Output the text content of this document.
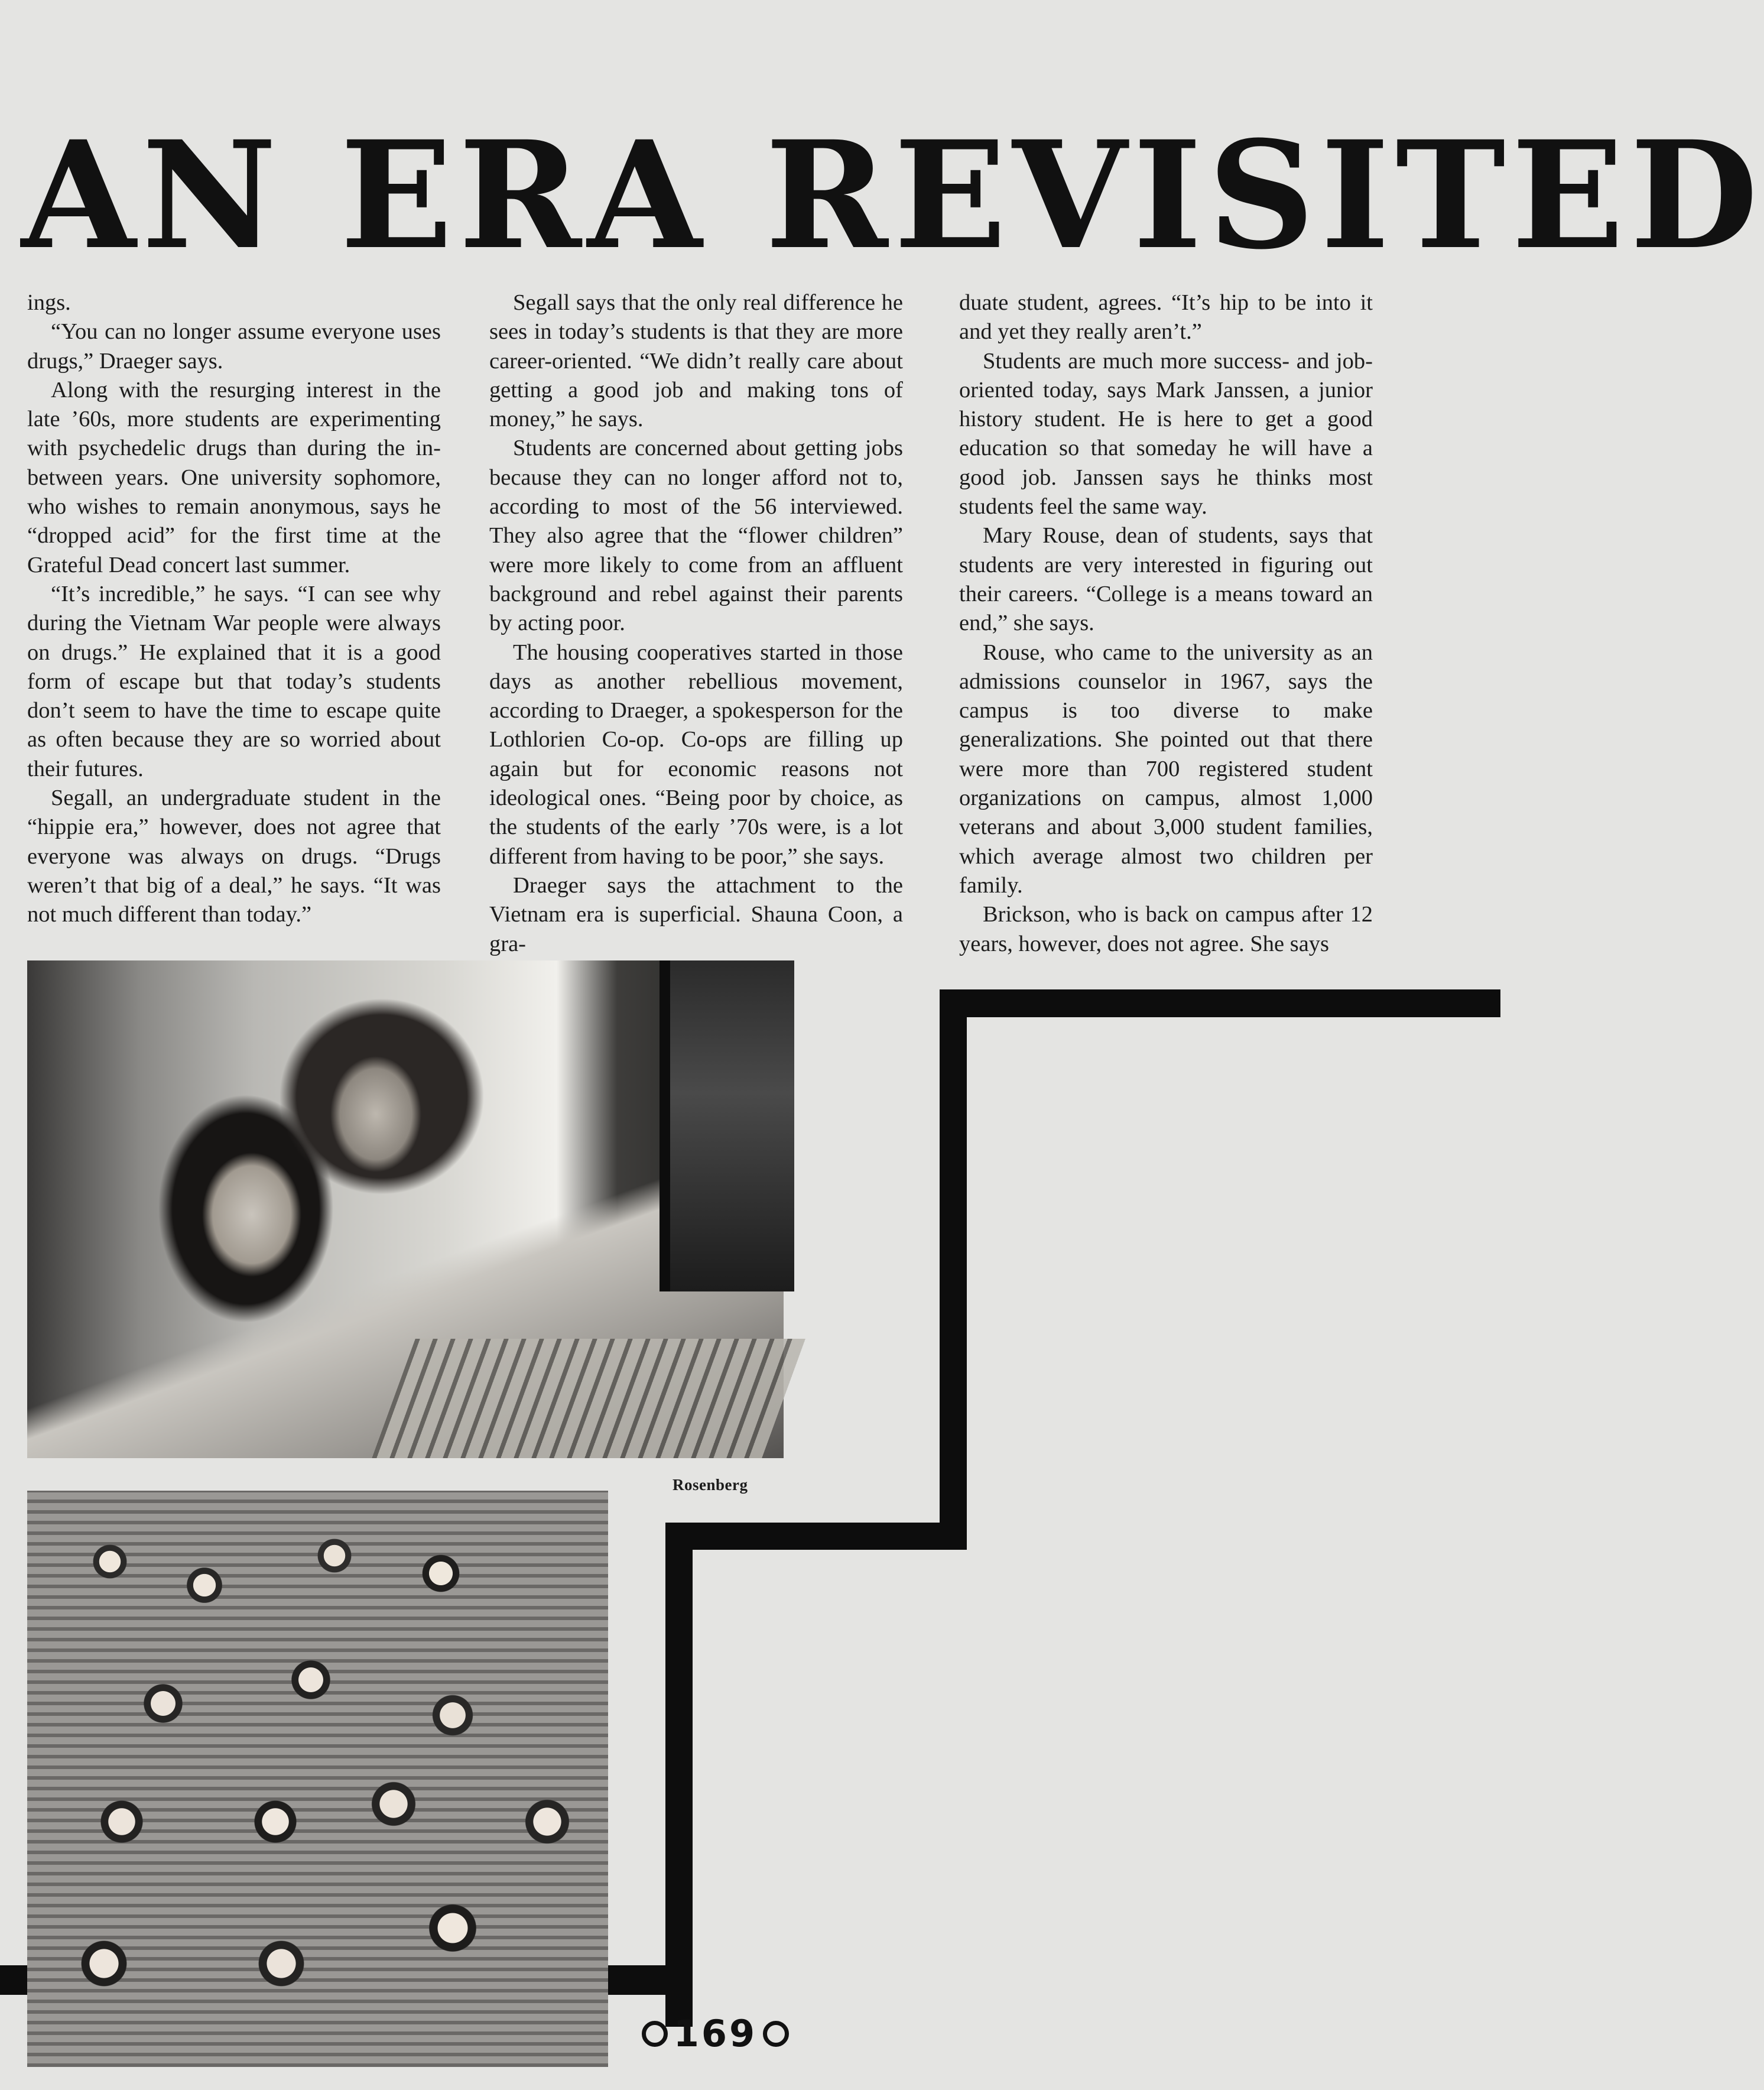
AN ERA REVISITED

ings.

“You can no longer assume everyone uses drugs,” Draeger says.

Along with the resurging interest in the late ’60s, more students are experimenting with psychedelic drugs than during the in-between years. One university sophomore, who wishes to remain anonymous, says he “dropped acid” for the first time at the Grateful Dead concert last summer.

“It’s incredible,” he says. “I can see why during the Vietnam War people were always on drugs.” He explained that it is a good form of escape but that today’s students don’t seem to have the time to escape quite as often because they are so worried about their futures.

Segall, an undergraduate student in the “hippie era,” however, does not agree that everyone was always on drugs. “Drugs weren’t that big of a deal,” he says. “It was not much different than today.”

Segall says that the only real difference he sees in today’s students is that they are more career-oriented. “We didn’t really care about getting a good job and making tons of money,” he says.

Students are concerned about getting jobs because they can no longer afford not to, according to most of the 56 interviewed. They also agree that the “flower children” were more likely to come from an affluent background and rebel against their parents by acting poor.

The housing cooperatives started in those days as another rebellious movement, according to Draeger, a spokesperson for the Lothlorien Co-op. Co-ops are filling up again but for economic reasons not ideological ones. “Being poor by choice, as the students of the early ’70s were, is a lot different from having to be poor,” she says.

Draeger says the attachment to the Vietnam era is superficial. Shauna Coon, a gra-

duate student, agrees. “It’s hip to be into it and yet they really aren’t.”

Students are much more success- and job-oriented today, says Mark Janssen, a junior history student. He is here to get a good education so that someday he will have a good job. Janssen says he thinks most students feel the same way.

Mary Rouse, dean of students, says that students are very interested in figuring out their careers. “College is a means toward an end,” she says.

Rouse, who came to the university as an admissions counselor in 1967, says the campus is too diverse to make generalizations. She pointed out that there were more than 700 registered student organizations on campus, almost 1,000 veterans and about 3,000 student families, which average almost two children per family.

Brickson, who is back on campus after 12 years, however, does not agree. She says

Rosenberg
169
